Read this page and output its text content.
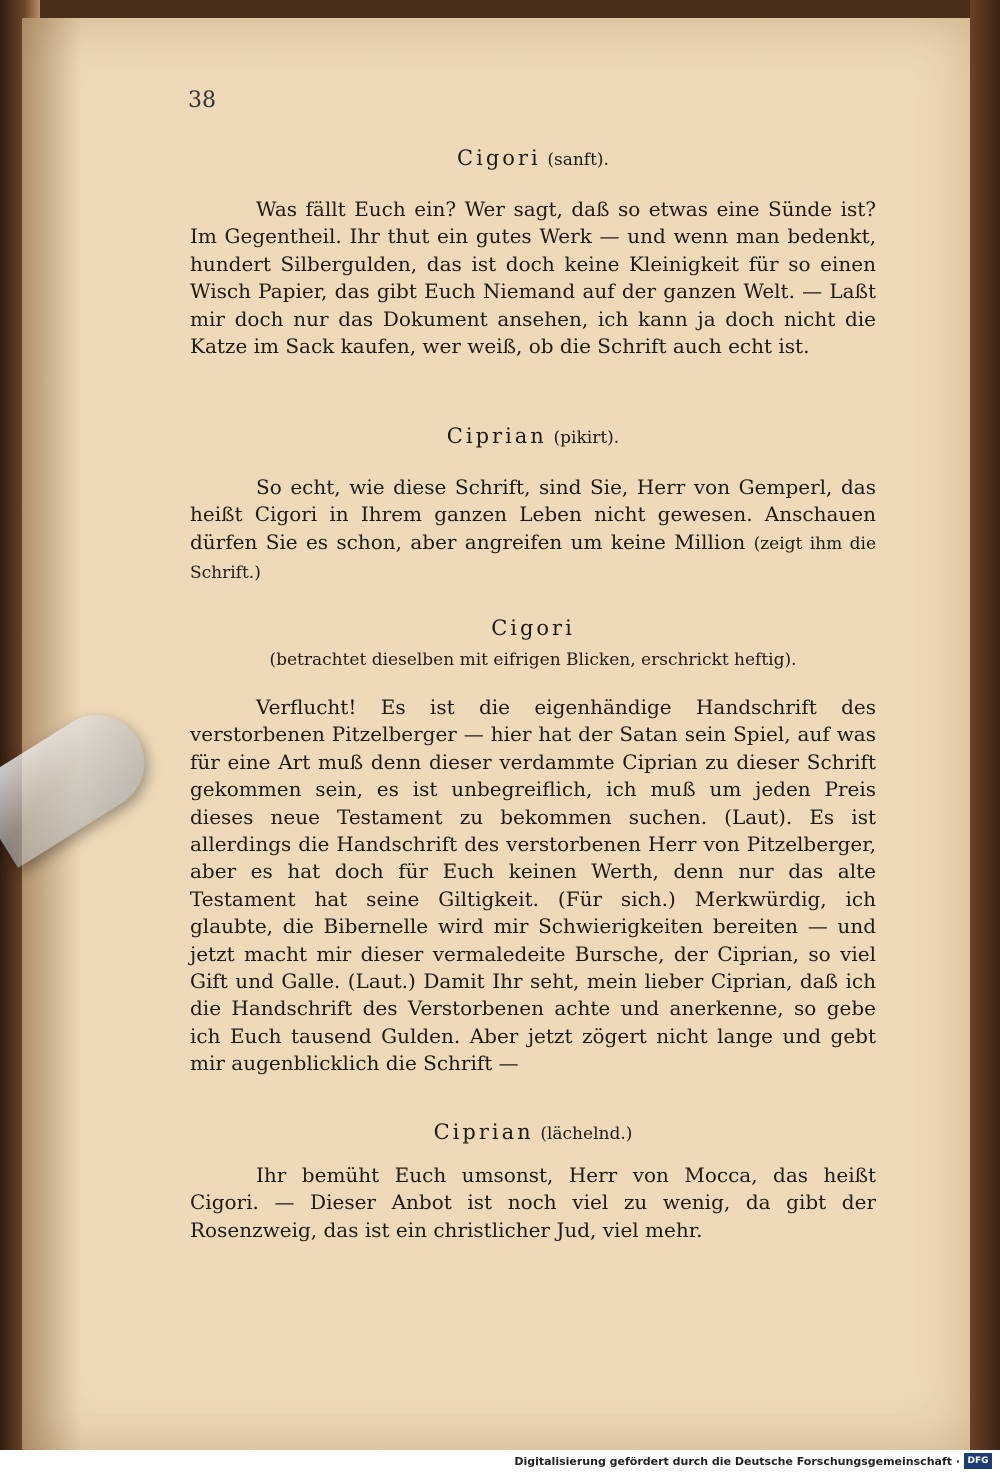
38
Cigori (sanft).
Was fällt Euch ein? Wer sagt, daß so etwas eine Sünde ist? Im Gegentheil. Ihr thut ein gutes Werk — und wenn man bedenkt, hundert Silbergulden, das ist doch keine Kleinigkeit für so einen Wisch Papier, das gibt Euch Niemand auf der ganzen Welt. — Laßt mir doch nur das Dokument ansehen, ich kann ja doch nicht die Katze im Sack kaufen, wer weiß, ob die Schrift auch echt ist.
Ciprian (pikirt).
So echt, wie diese Schrift, sind Sie, Herr von Gemperl, das heißt Cigori in Ihrem ganzen Leben nicht gewesen. Anschauen dürfen Sie es schon, aber angreifen um keine Million (zeigt ihm die Schrift.)
Cigori
(betrachtet dieselben mit eifrigen Blicken, erschrickt heftig).
Verflucht! Es ist die eigenhändige Handschrift des verstorbenen Pitzelberger — hier hat der Satan sein Spiel, auf was für eine Art muß denn dieser verdammte Ciprian zu dieser Schrift gekommen sein, es ist unbegreiflich, ich muß um jeden Preis dieses neue Testament zu bekommen suchen. (Laut). Es ist allerdings die Handschrift des verstorbenen Herr von Pitzelberger, aber es hat doch für Euch keinen Werth, denn nur das alte Testament hat seine Giltigkeit. (Für sich.) Merkwürdig, ich glaubte, die Bibernelle wird mir Schwierigkeiten bereiten — und jetzt macht mir dieser vermaledeite Bursche, der Ciprian, so viel Gift und Galle. (Laut.) Damit Ihr seht, mein lieber Ciprian, daß ich die Handschrift des Verstorbenen achte und anerkenne, so gebe ich Euch tausend Gulden. Aber jetzt zögert nicht lange und gebt mir augenblicklich die Schrift —
Ciprian (lächelnd.)
Ihr bemüht Euch umsonst, Herr von Mocca, das heißt Cigori. — Dieser Anbot ist noch viel zu wenig, da gibt der Rosenzweig, das ist ein christlicher Jud, viel mehr.
Digitalisierung gefördert durch die Deutsche Forschungsgemeinschaft · DFG
